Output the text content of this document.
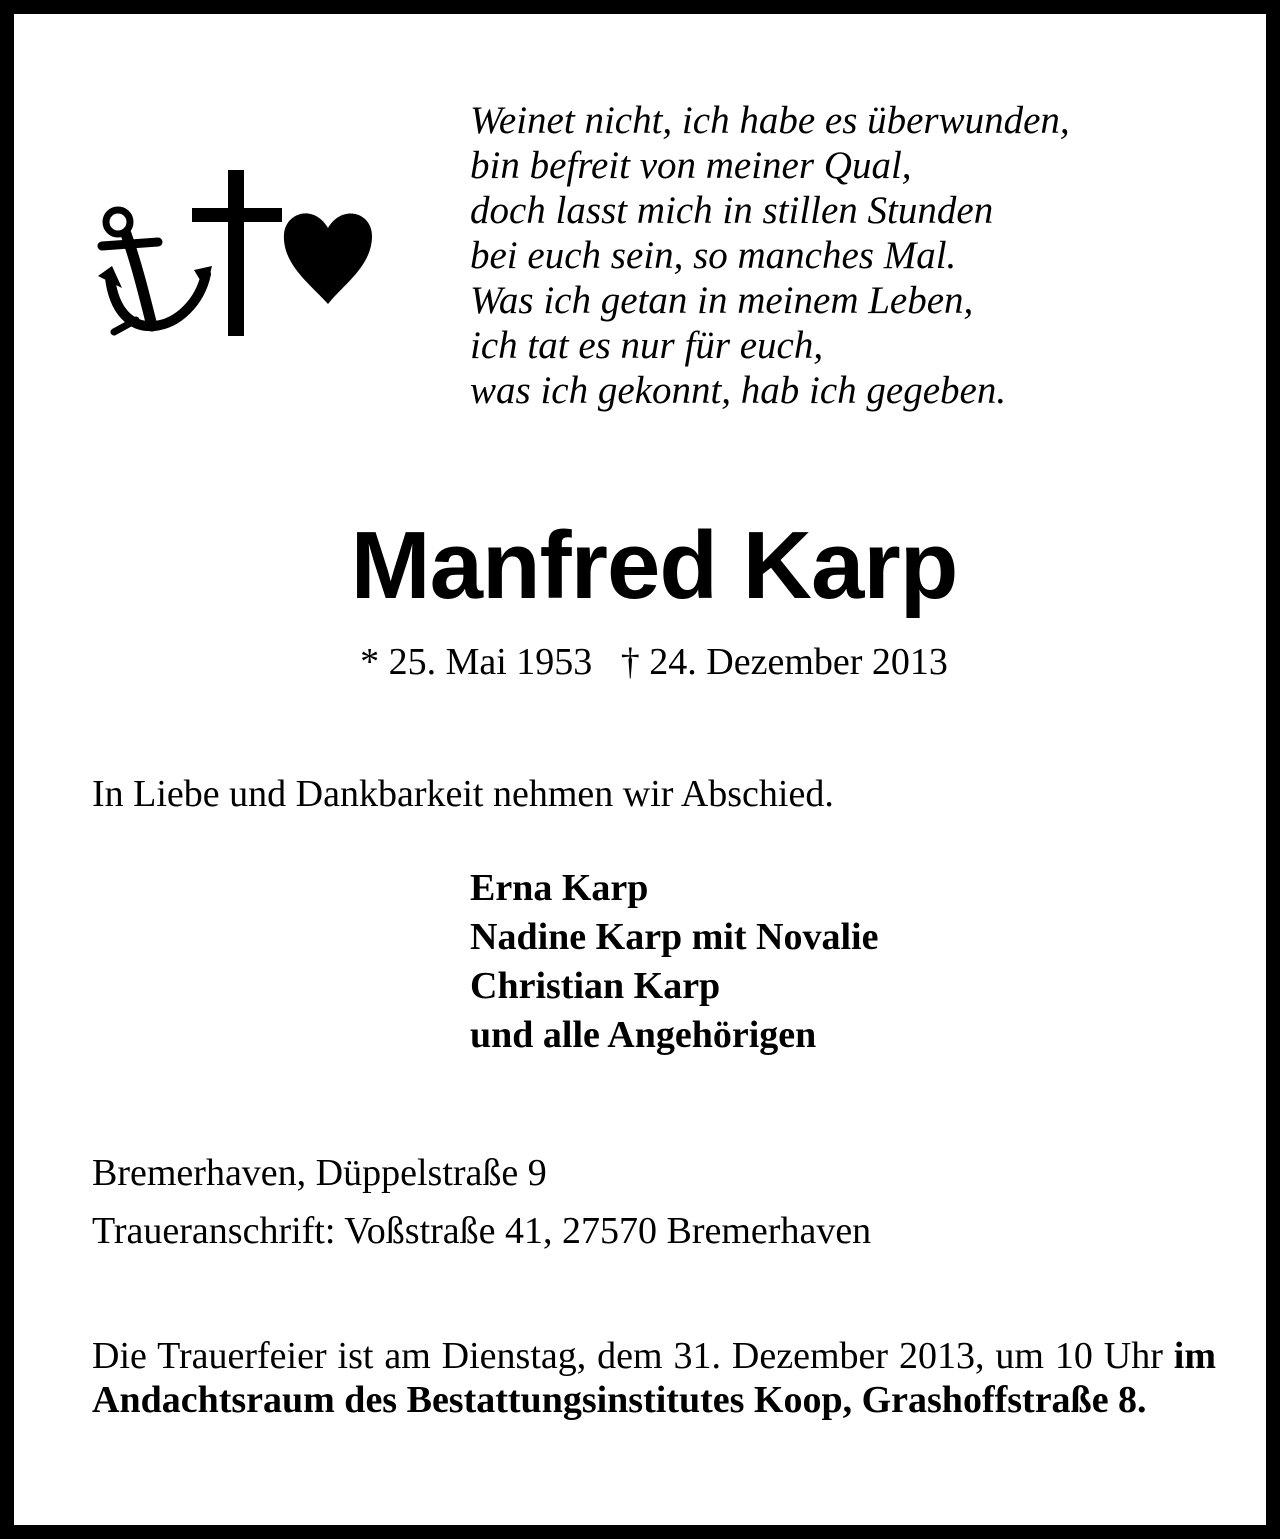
Weinet nicht, ich habe es überwunden,
bin befreit von meiner Qual,
doch lasst mich in stillen Stunden
bei euch sein, so manches Mal.
Was ich getan in meinem Leben,
ich tat es nur für euch,
was ich gekonnt, hab ich gegeben.
Manfred Karp
* 25. Mai 1953 † 24. Dezember 2013
In Liebe und Dankbarkeit nehmen wir Abschied.
Erna Karp
Nadine Karp mit Novalie
Christian Karp
und alle Angehörigen
Bremerhaven, Düppelstraße 9
Traueranschrift: Voßstraße 41, 27570 Bremerhaven
Die Trauerfeier ist am Dienstag, dem 31. Dezember 2013, um 10 Uhr im Andachtsraum des Bestattungsinstitutes Koop, Grashoffstraße 8.
